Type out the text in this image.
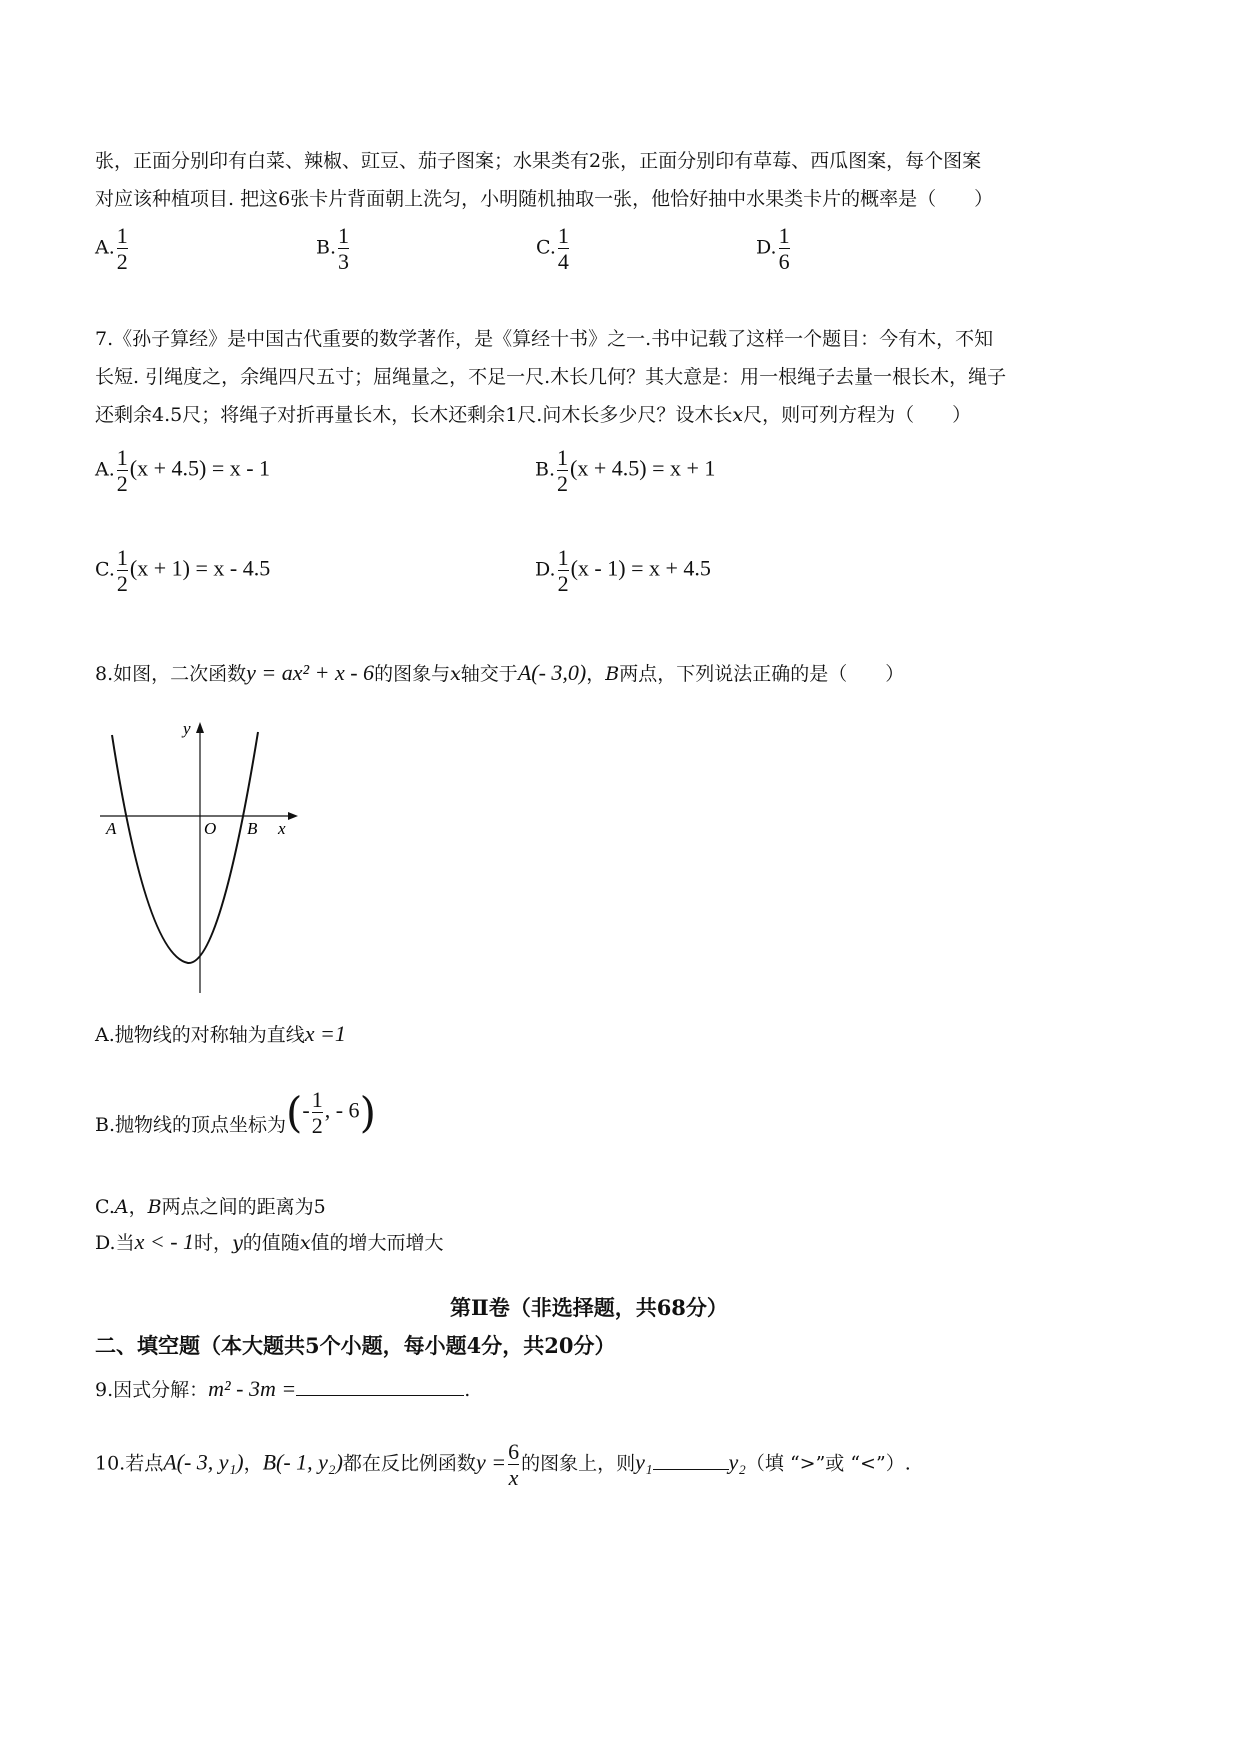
张，正面分别印有白菜、辣椒、豇豆、茄子图案；水果类有2张，正面分别印有草莓、西瓜图案，每个图案
对应该种植项目. 把这6张卡片背面朝上洗匀，小明随机抽取一张，他恰好抽中水果类卡片的概率是（　　）
A. $\frac{1}{2}$	B. $\frac{1}{3}$	C. $\frac{1}{4}$	D. $\frac{1}{6}$
7.《孙子算经》是中国古代重要的数学著作，是《算经十书》之一.书中记载了这样一个题目：今有木，不知
长短. 引绳度之，余绳四尺五寸；屈绳量之，不足一尺.木长几何？其大意是：用一根绳子去量一根长木，绳子
还剩余4.5尺；将绳子对折再量长木，长木还剩余1尺.问木长多少尺？设木长x尺，则可列方程为（　　）
A. $\frac{1}{2} (x + 4.5) = x - 1$	B. $\frac{1}{2} (x + 4.5) = x + 1$
C. $\frac{1}{2} (x + 1) = x - 4.5$	D. $\frac{1}{2} (x - 1) = x + 4.5$
8.如图，二次函数y = ax² + x - 6的图象与x轴交于A(- 3,0)，B两点，下列说法正确的是（　　）
y
x
A	O B
A.抛物线的对称轴为直线x =1
B.抛物线的顶点坐标为(- $\frac{1}{2}$ , - 6)
C.A，B两点之间的距离为5
D.当x < - 1时，y的值随x值的增大而增大
第Ⅱ卷（非选择题，共68分）
二、填空题（本大题共5个小题，每小题4分，共20分）
9.因式分解：m² - 3m =	.
10.若点A(- 3, y₁)，B(- 1, y₂)都在反比例函数$y = \frac{6}{x}$ 的图象上，则y₁	y₂（填 “>”或 “<”）.
